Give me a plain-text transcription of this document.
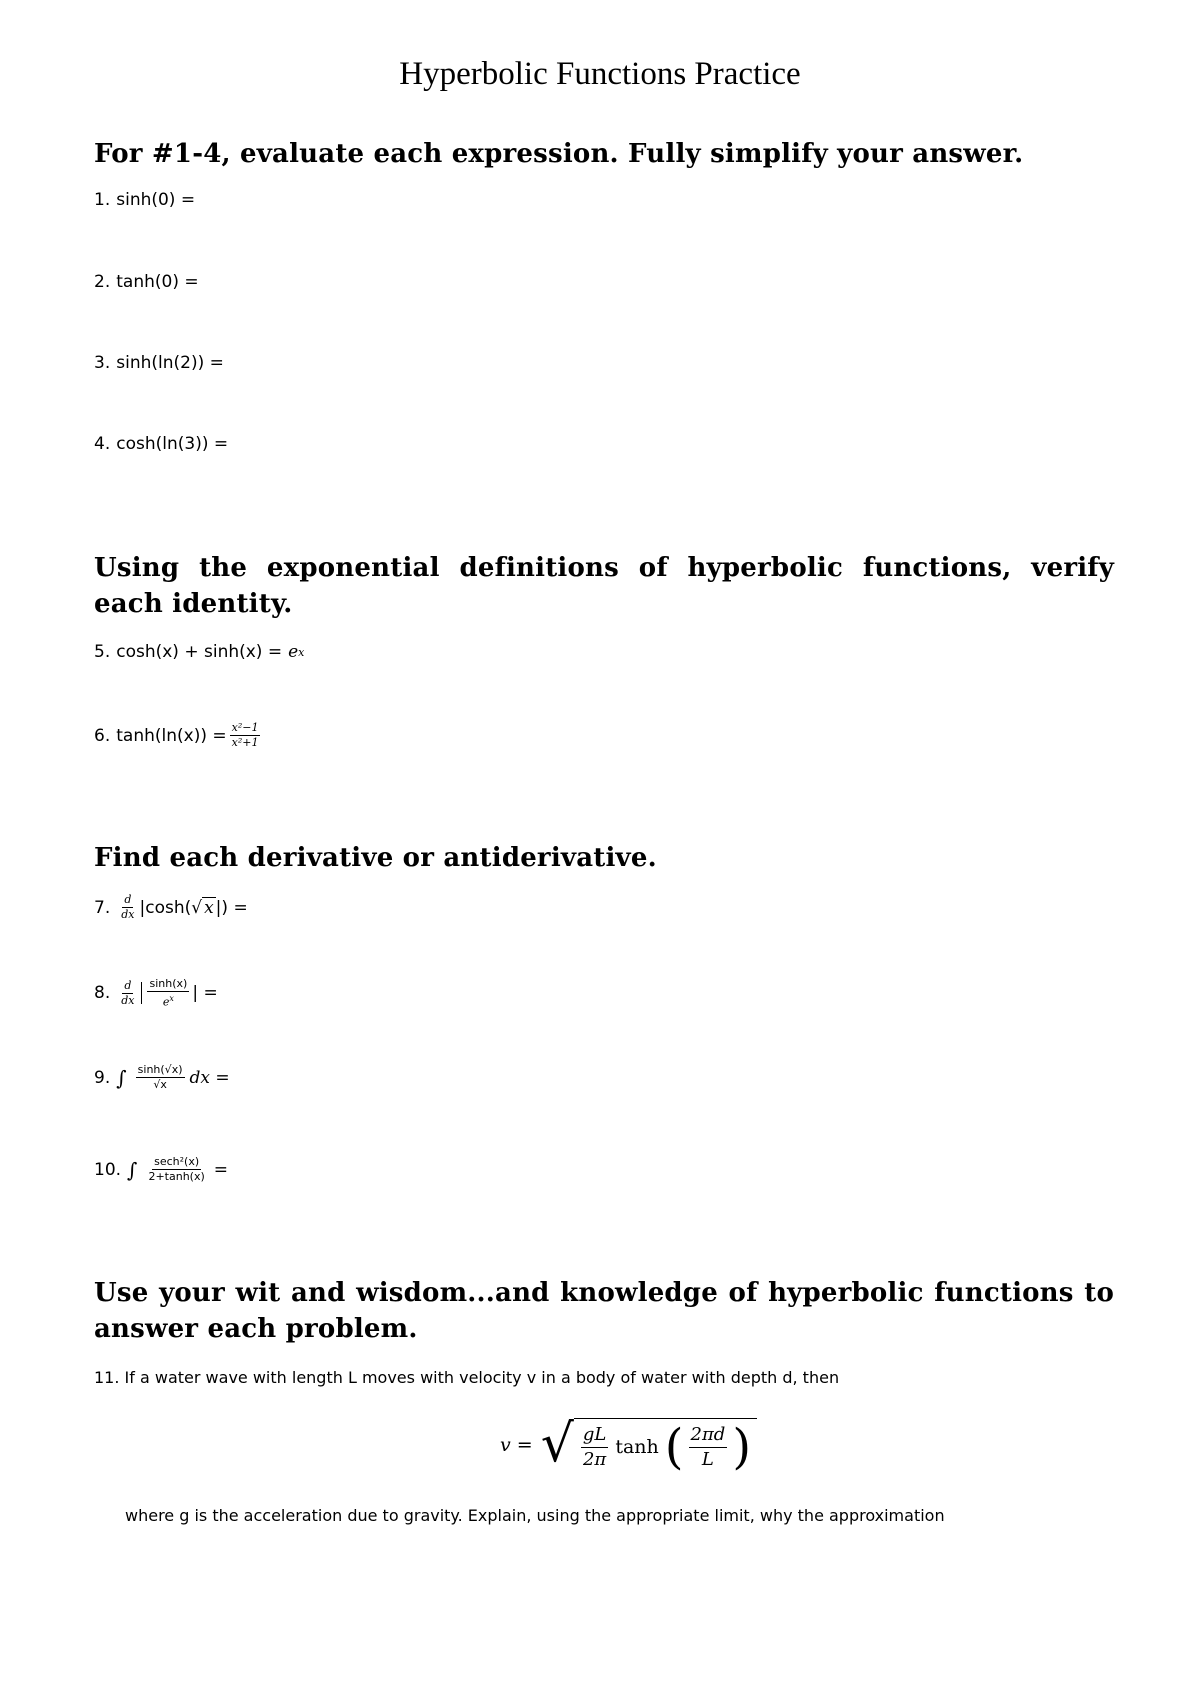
Hyperbolic Functions Practice
For #1-4, evaluate each expression. Fully simplify your answer.
1. sinh(0) =
2. tanh(0) =
3. sinh(ln(2)) =
4. cosh(ln(3)) =
Using the exponential definitions of hyperbolic functions, verify each identity.
5. cosh(x) + sinh(x) = e x
6. $\tanh(\ln(x)) = \frac{\text{x²−1}}{\text{x²+1}}$
Find each derivative or antiderivative.
7. $\frac{d}{dx}$ | cosh( √ x | ) =
8. $\frac{d}{dx} \frac{\sinh(x)}{e^x}$ | =
9. ∫ $\frac{\sinh(√x)}{√x}$ dx =
10. ∫ $\frac{\text{sech²(x)}}{2+\tanh(x)}$ =
Use your wit and wisdom...and knowledge of hyperbolic functions to answer each problem.
11. If a water wave with length L moves with velocity v in a body of water with depth d, then
v = √ $\frac{gL}{2\pi}$ tanh ( $\frac{2\pi d}{L}$ )
where g is the acceleration due to gravity. Explain, using the appropriate limit, why the approximation
